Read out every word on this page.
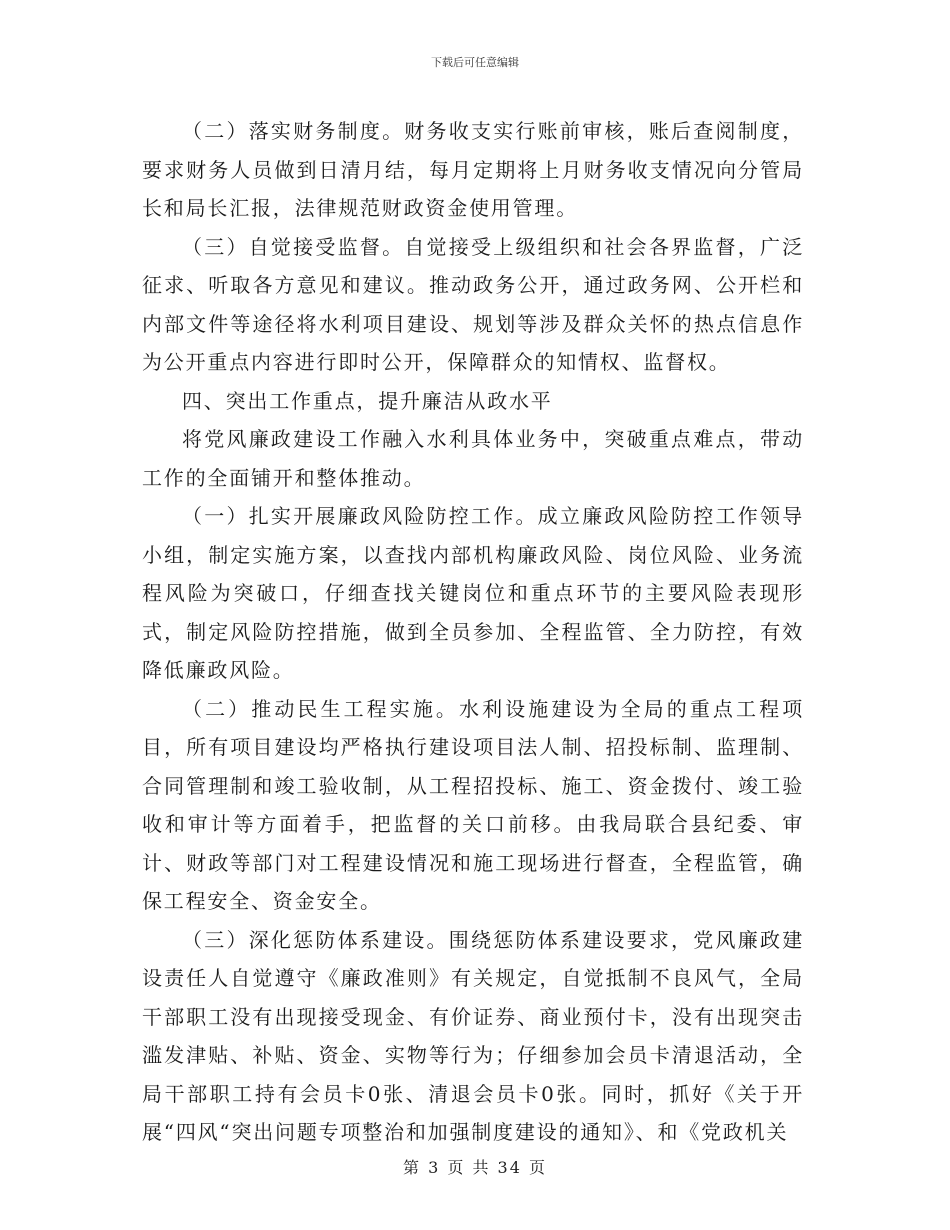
下载后可任意编辑

（二）落实财务制度。财务收支实行账前审核，账后查阅制度，要求财务人员做到日清月结，每月定期将上月财务收支情况向分管局长和局长汇报，法律规范财政资金使用管理。

（三）自觉接受监督。自觉接受上级组织和社会各界监督，广泛征求、听取各方意见和建议。推动政务公开，通过政务网、公开栏和内部文件等途径将水利项目建设、规划等涉及群众关怀的热点信息作为公开重点内容进行即时公开，保障群众的知情权、监督权。

四、突出工作重点，提升廉洁从政水平

将党风廉政建设工作融入水利具体业务中，突破重点难点，带动工作的全面铺开和整体推动。

（一）扎实开展廉政风险防控工作。成立廉政风险防控工作领导小组，制定实施方案，以查找内部机构廉政风险、岗位风险、业务流程风险为突破口，仔细查找关键岗位和重点环节的主要风险表现形式，制定风险防控措施，做到全员参加、全程监管、全力防控，有效降低廉政风险。

（二）推动民生工程实施。水利设施建设为全局的重点工程项目，所有项目建设均严格执行建设项目法人制、招投标制、监理制、合同管理制和竣工验收制，从工程招投标、施工、资金拨付、竣工验收和审计等方面着手，把监督的关口前移。由我局联合县纪委、审计、财政等部门对工程建设情况和施工现场进行督查，全程监管，确保工程安全、资金安全。

（三）深化惩防体系建设。围绕惩防体系建设要求，党风廉政建设责任人自觉遵守《廉政准则》有关规定，自觉抵制不良风气，全局干部职工没有出现接受现金、有价证券、商业预付卡，没有出现突击滥发津贴、补贴、资金、实物等行为；仔细参加会员卡清退活动，全局干部职工持有会员卡0张、清退会员卡0张。同时，抓好《关于开展“四风“突出问题专项整治和加强制度建设的通知》、和《党政机关

第 3 页 共 34 页
